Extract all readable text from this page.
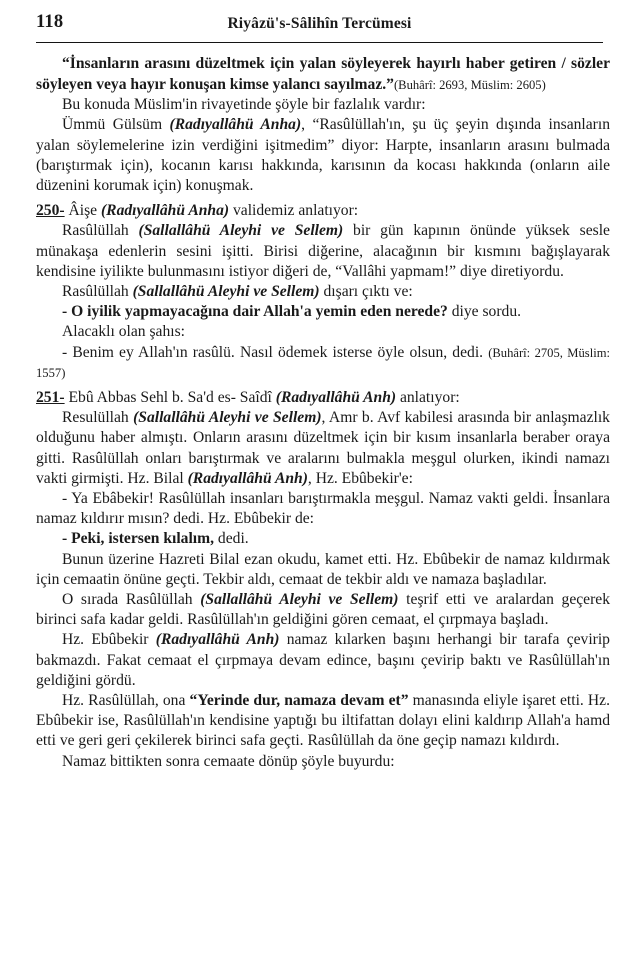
118	Riyâzü's-Sâlihîn Tercümesi

“İnsanların arasını düzeltmek için yalan söyleyerek hayırlı haber getiren / sözler söyleyen veya hayır konuşan kimse yalancı sayılmaz.”(Buhârî: 2693, Müslim: 2605)

Bu konuda Müslim'in rivayetinde şöyle bir fazlalık vardır:

Ümmü Gülsüm (Radıyallâhü Anha), “Rasûlüllah'ın, şu üç şeyin dışında insanların yalan söylemelerine izin verdiğini işitmedim” diyor: Harpte, insanların arasını bulmada (barıştırmak için), kocanın karısı hakkında, karısının da kocası hakkında (onların aile düzenini korumak için) konuşmak.

250- Âişe (Radıyallâhü Anha) validemiz anlatıyor:

Rasûlüllah (Sallallâhü Aleyhi ve Sellem) bir gün kapının önünde yüksek sesle münakaşa edenlerin sesini işitti. Birisi diğerine, alacağının bir kısmını bağışlayarak kendisine iyilikte bulunmasını istiyor diğeri de, “Vallâhi yapmam!” diye diretiyordu.

Rasûlüllah (Sallallâhü Aleyhi ve Sellem) dışarı çıktı ve:

- O iyilik yapmayacağına dair Allah'a yemin eden nerede? diye sordu.

Alacaklı olan şahıs:

- Benim ey Allah'ın rasûlü. Nasıl ödemek isterse öyle olsun, dedi. (Buhârî: 2705, Müslim: 1557)

251- Ebû Abbas Sehl b. Sa'd es- Saîdî (Radıyallâhü Anh) anlatıyor:

Resulüllah (Sallallâhü Aleyhi ve Sellem), Amr b. Avf kabilesi arasında bir anlaşmazlık olduğunu haber almıştı. Onların arasını düzeltmek için bir kısım insanlarla beraber oraya gitti. Rasûlüllah onları barıştırmak ve aralarını bulmakla meşgul olurken, ikindi namazı vakti girmişti. Hz. Bilal (Radıyallâhü Anh), Hz. Ebûbekir'e:

- Ya Ebâbekir! Rasûlüllah insanları barıştırmakla meşgul. Namaz vakti geldi. İnsanlara namaz kıldırır mısın? dedi. Hz. Ebûbekir de:

- Peki, istersen kılalım, dedi.

Bunun üzerine Hazreti Bilal ezan okudu, kamet etti. Hz. Ebûbekir de namaz kıldırmak için cemaatin önüne geçti. Tekbir aldı, cemaat de tekbir aldı ve namaza başladılar.

O sırada Rasûlüllah (Sallallâhü Aleyhi ve Sellem) teşrif etti ve aralardan geçerek birinci safa kadar geldi. Rasûlüllah'ın geldiğini gören cemaat, el çırpmaya başladı.

Hz. Ebûbekir (Radıyallâhü Anh) namaz kılarken başını herhangi bir tarafa çevirip bakmazdı. Fakat cemaat el çırpmaya devam edince, başını çevirip baktı ve Rasûlüllah'ın geldiğini gördü.

Hz. Rasûlüllah, ona “Yerinde dur, namaza devam et” manasında eliyle işaret etti. Hz. Ebûbekir ise, Rasûlüllah'ın kendisine yaptığı bu iltifattan dolayı elini kaldırıp Allah'a hamd etti ve geri geri çekilerek birinci safa geçti. Rasûlüllah da öne geçip namazı kıldırdı.

Namaz bittikten sonra cemaate dönüp şöyle buyurdu:
